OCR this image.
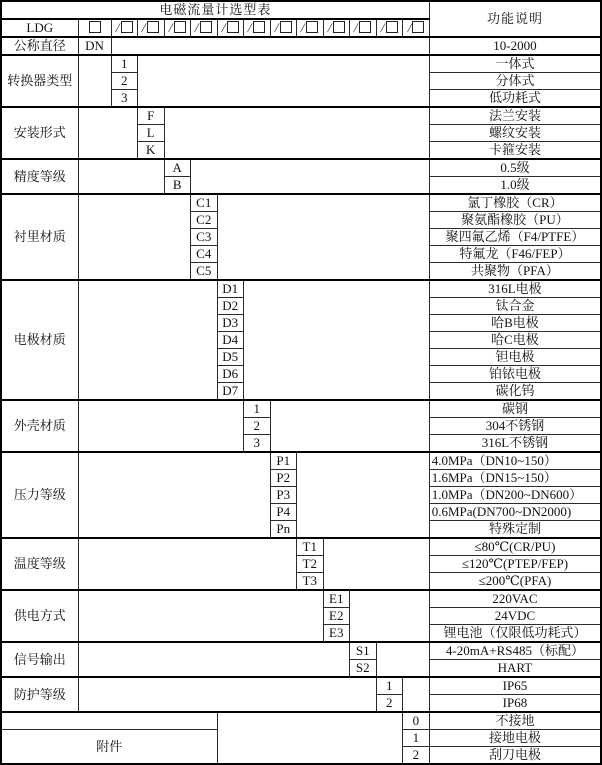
电磁流量计选型表														功能说明
LDG		/	/	/	/	/	/	/	/	/	/	/	/	
公称直径	DN													10-2000
转换器类型		1												一体式
		2												分体式
		3												低功耗式
安装形式			F											法兰安装
			L											螺纹安装
			K											卡箍安装
精度等级				A										0.5级
				B										1.0级
衬里材质					C1									氯丁橡胶（CR）
					C2									聚氨酯橡胶（PU）
					C3									聚四氟乙烯（F4/PTFE）
					C4									特氟龙（F46/FEP）
					C5									共聚物（PFA）
电极材质						D1								316L电极
						D2								钛合金
						D3								哈B电极
						D4								哈C电极
						D5								钽电极
						D6								铂铱电极
						D7								碳化钨
外壳材质							1							碳钢
							2							304不锈钢
							3							316L不锈钢
压力等级								P1						4.0MPa（DN10~150）
								P2						1.6MPa（DN15~150）
								P3						1.0MPa（DN200~DN600）
								P4						0.6MPa(DN700~DN2000)
								Pn						特殊定制
温度等级									T1					≤80℃(CR/PU)
									T2					≤120℃(PTEP/FEP)
									T3					≤200℃(PFA)
供电方式										E1				220VAC
										E2				24VDC
										E3				锂电池（仅限低功耗式）
信号输出											S1			4-20mA+RS485（标配）
											S2			HART
防护等级												1		IP65
												2		IP68
													0	不接地
附件													1	接地电极
													2	刮刀电极
